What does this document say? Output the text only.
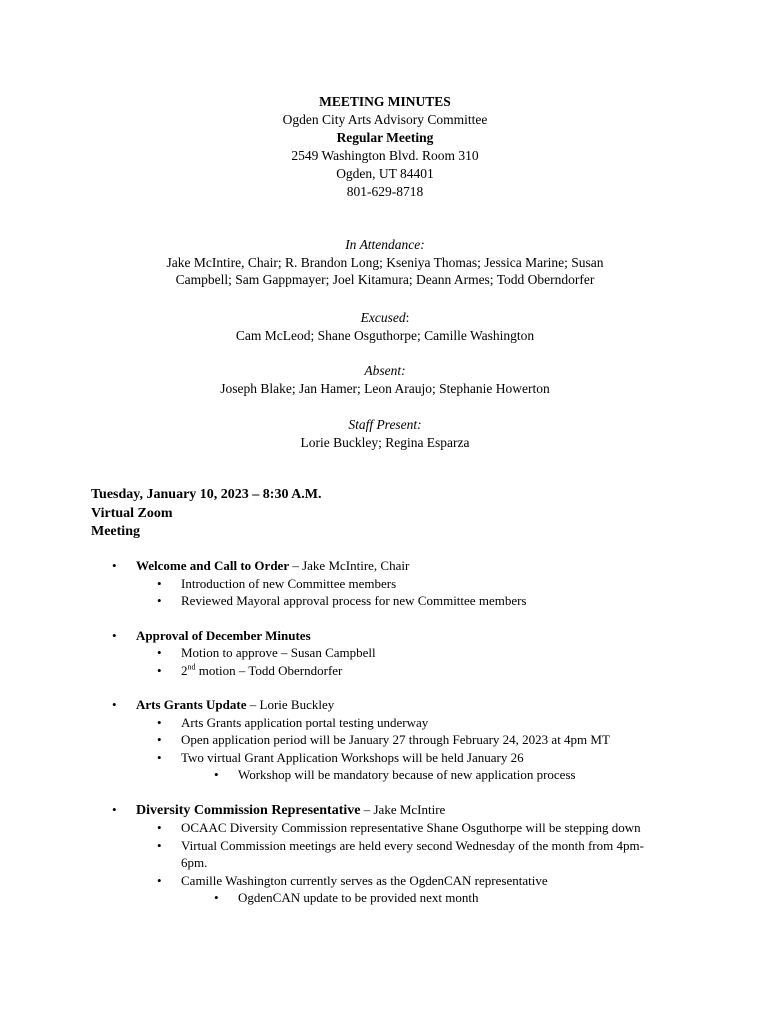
MEETING MINUTES
Ogden City Arts Advisory Committee
Regular Meeting
2549 Washington Blvd. Room 310
Ogden, UT 84401
801-629-8718
In Attendance:
Jake McIntire, Chair; R. Brandon Long; Kseniya Thomas; Jessica Marine; Susan
Campbell; Sam Gappmayer; Joel Kitamura; Deann Armes; Todd Oberndorfer
Excused:
Cam McLeod; Shane Osguthorpe; Camille Washington
Absent:
Joseph Blake; Jan Hamer; Leon Araujo; Stephanie Howerton
Staff Present:
Lorie Buckley; Regina Esparza
Tuesday, January 10, 2023 – 8:30 A.M.
Virtual Zoom
Meeting
•	Welcome and Call to Order – Jake McIntire, Chair
• Introduction of new Committee members
• Reviewed Mayoral approval process for new Committee members
•	Approval of December Minutes
• Motion to approve – Susan Campbell
• 2nd motion – Todd Oberndorfer
•	Arts Grants Update – Lorie Buckley
• Arts Grants application portal testing underway
• Open application period will be January 27 through February 24, 2023 at 4pm MT
• Two virtual Grant Application Workshops will be held January 26
• Workshop will be mandatory because of new application process
•	Diversity Commission Representative – Jake McIntire
• OCAAC Diversity Commission representative Shane Osguthorpe will be stepping down
• Virtual Commission meetings are held every second Wednesday of the month from 4pm-
6pm.
• Camille Washington currently serves as the OgdenCAN representative
• OgdenCAN update to be provided next month
